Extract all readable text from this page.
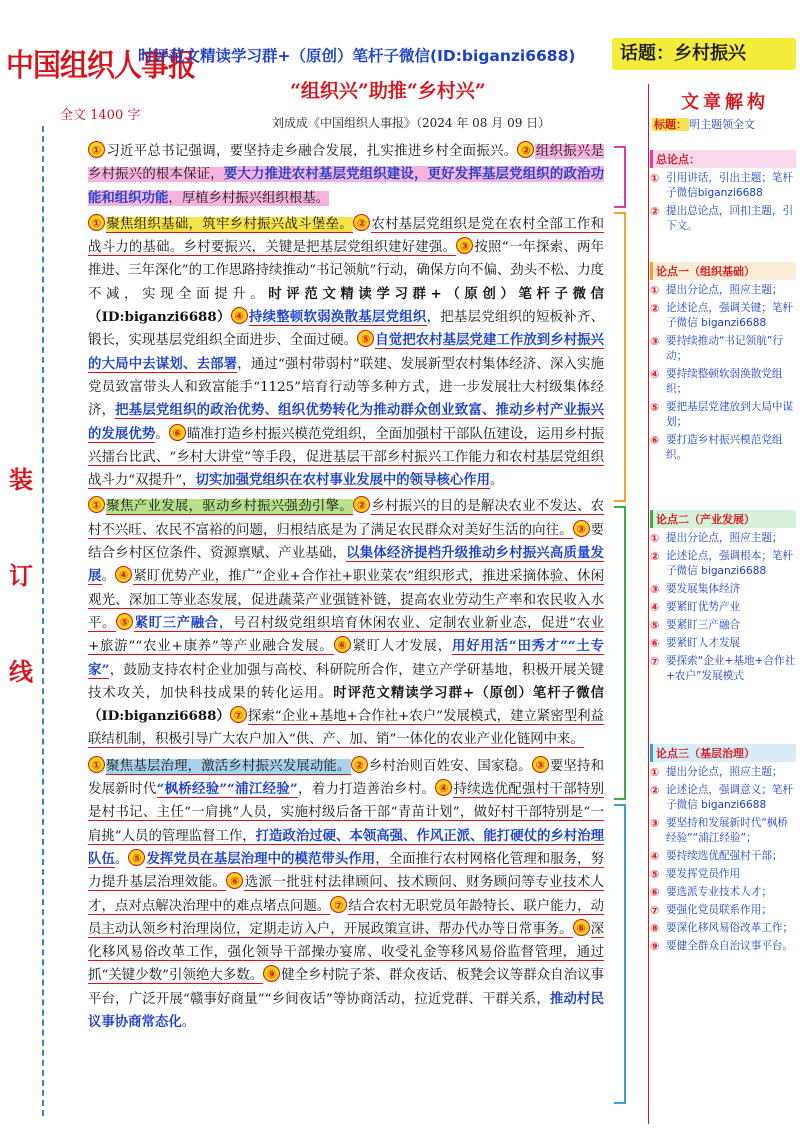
中国组织人事报
时评范文精读学习群+（原创）笔杆子微信(ID:biganzi6688)	话题：乡村振兴
“组织兴”助推“乡村兴”
全文 1400 字	刘成成《中国组织人事报》（2024 年 08 月 09 日）
装
订
线
① 习近平总书记强调，要坚持走乡融合发展，扎实推进乡村全面振兴。 ② 组织振兴是乡村振兴的根本保证，要大力推进农村基层党组织建设，更好发挥基层党组织的政治功能和组织功能，厚植乡村振兴组织根基。
① 聚焦组织基础，筑牢乡村振兴战斗堡垒。 ② 农村基层党组织是党在农村全部工作和战斗力的基础。乡村要振兴，关键是把基层党组织建好建强。 ③ 按照“一年探索、两年推进、三年深化”的工作思路持续推动“书记领航”行动，确保方向不偏、劲头不松、力度不减，实现全面提升。时评范文精读学习群+（原创）笔杆子微信（ID:biganzi6688） ④ 持续整顿软弱涣散基层党组织，把基层党组织的短板补齐、锻长，实现基层党组织全面进步、全面过硬。 ⑤ 自觉把农村基层党建工作放到乡村振兴的大局中去谋划、去部署，通过“强村带弱村”联建、发展新型农村集体经济、深入实施党员致富带头人和致富能手“1125”培育行动等多种方式，进一步发展壮大村级集体经济，把基层党组织的政治优势、组织优势转化为推动群众创业致富、推动乡村产业振兴的发展优势。 ⑥ 瞄准打造乡村振兴模范党组织，全面加强村干部队伍建设，运用乡村振兴擂台比武、“乡村大讲堂”等手段，促进基层干部乡村振兴工作能力和农村基层党组织战斗力“双提升”，切实加强党组织在农村事业发展中的领导核心作用。
① 聚焦产业发展，驱动乡村振兴强劲引擎。 ② 乡村振兴的目的是解决农业不发达、农村不兴旺、农民不富裕的问题，归根结底是为了满足农民群众对美好生活的向往。 ③ 要结合乡村区位条件、资源禀赋、产业基础，以集体经济提档升级推动乡村振兴高质量发展。 ④ 紧盯优势产业，推广“企业+合作社+职业菜农”组织形式，推进采摘体验、休闲观光、深加工等业态发展，促进蔬菜产业强链补链，提高农业劳动生产率和农民收入水平。 ⑤ 紧盯三产融合，号召村级党组织培育休闲农业、定制农业新业态，促进“农业+旅游”“农业+康养”等产业融合发展。 ⑥ 紧盯人才发展，用好用活“田秀才”“土专家”，鼓励支持农村企业加强与高校、科研院所合作，建立产学研基地，积极开展关键技术攻关，加快科技成果的转化运用。时评范文精读学习群+（原创）笔杆子微信（ID:biganzi6688） ⑦ 探索“企业+基地+合作社+农户”发展模式，建立紧密型利益联结机制，积极引导广大农户加入“供、产、加、销”一体化的农业产业化链网中来。
① 聚焦基层治理，激活乡村振兴发展动能。 ② 乡村治则百姓安、国家稳。 ③ 要坚持和发展新时代“枫桥经验”“浦江经验”，着力打造善治乡村。 ④ 持续选优配强村干部特别是村书记、主任“一肩挑”人员，实施村级后备干部“青苗计划”，做好村干部特别是“一肩挑”人员的管理监督工作，打造政治过硬、本领高强、作风正派、能打硬仗的乡村治理队伍。 ⑤ 发挥党员在基层治理中的模范带头作用，全面推行农村网格化管理和服务，努力提升基层治理效能。 ⑥ 选派一批驻村法律顾问、技术顾问、财务顾问等专业技术人才，点对点解决治理中的难点堵点问题。 ⑦ 结合农村无职党员年龄特长、联户能力，动员主动认领乡村治理岗位，定期走访入户，开展政策宣讲、帮办代办等日常事务。 ⑧ 深化移风易俗改革工作，强化领导干部操办宴席、收受礼金等移风易俗监督管理，通过抓“关键少数”引领绝大多数。 ⑨ 健全乡村院子茶、群众夜话、板凳会议等群众自治议事平台，广泛开展“赣事好商量”“乡间夜话”等协商活动，拉近党群、干群关系，推动村民议事协商常态化。
文章解构
标题： 明主题领全文
总论点：
① 引用讲话，引出主题；笔杆子微信biganzi6688
② 提出总论点，回扣主题，引下文。
论点一（组织基础）
① 提出分论点，照应主题；
② 论述论点，强调关键；笔杆子微信 biganzi6688
③ 要持续推动“书记领航”行动；
④ 要持续整顿软弱涣散党组织；
⑤ 要把基层党建放到大局中谋划；
⑥ 要打造乡村振兴模范党组织。
论点二（产业发展）
① 提出分论点，照应主题；
② 论述论点，强调根本；笔杆子微信 biganzi6688
③ 要发展集体经济
④ 要紧盯优势产业
⑤ 要紧盯三产融合
⑥ 要紧盯人才发展
⑦ 要探索“企业+基地+合作社+农户”发展模式
论点三（基层治理）
① 提出分论点，照应主题；
② 论述论点，强调意义；笔杆子微信 biganzi6688
③ 要坚持和发展新时代“枫桥经验”“浦江经验”；
④ 要持续选优配强村干部；
⑤ 要发挥党员作用
⑥ 要选派专业技术人才；
⑦ 要强化党员联系作用；
⑧ 要深化移风易俗改革工作；
⑨ 要健全群众自治议事平台。
